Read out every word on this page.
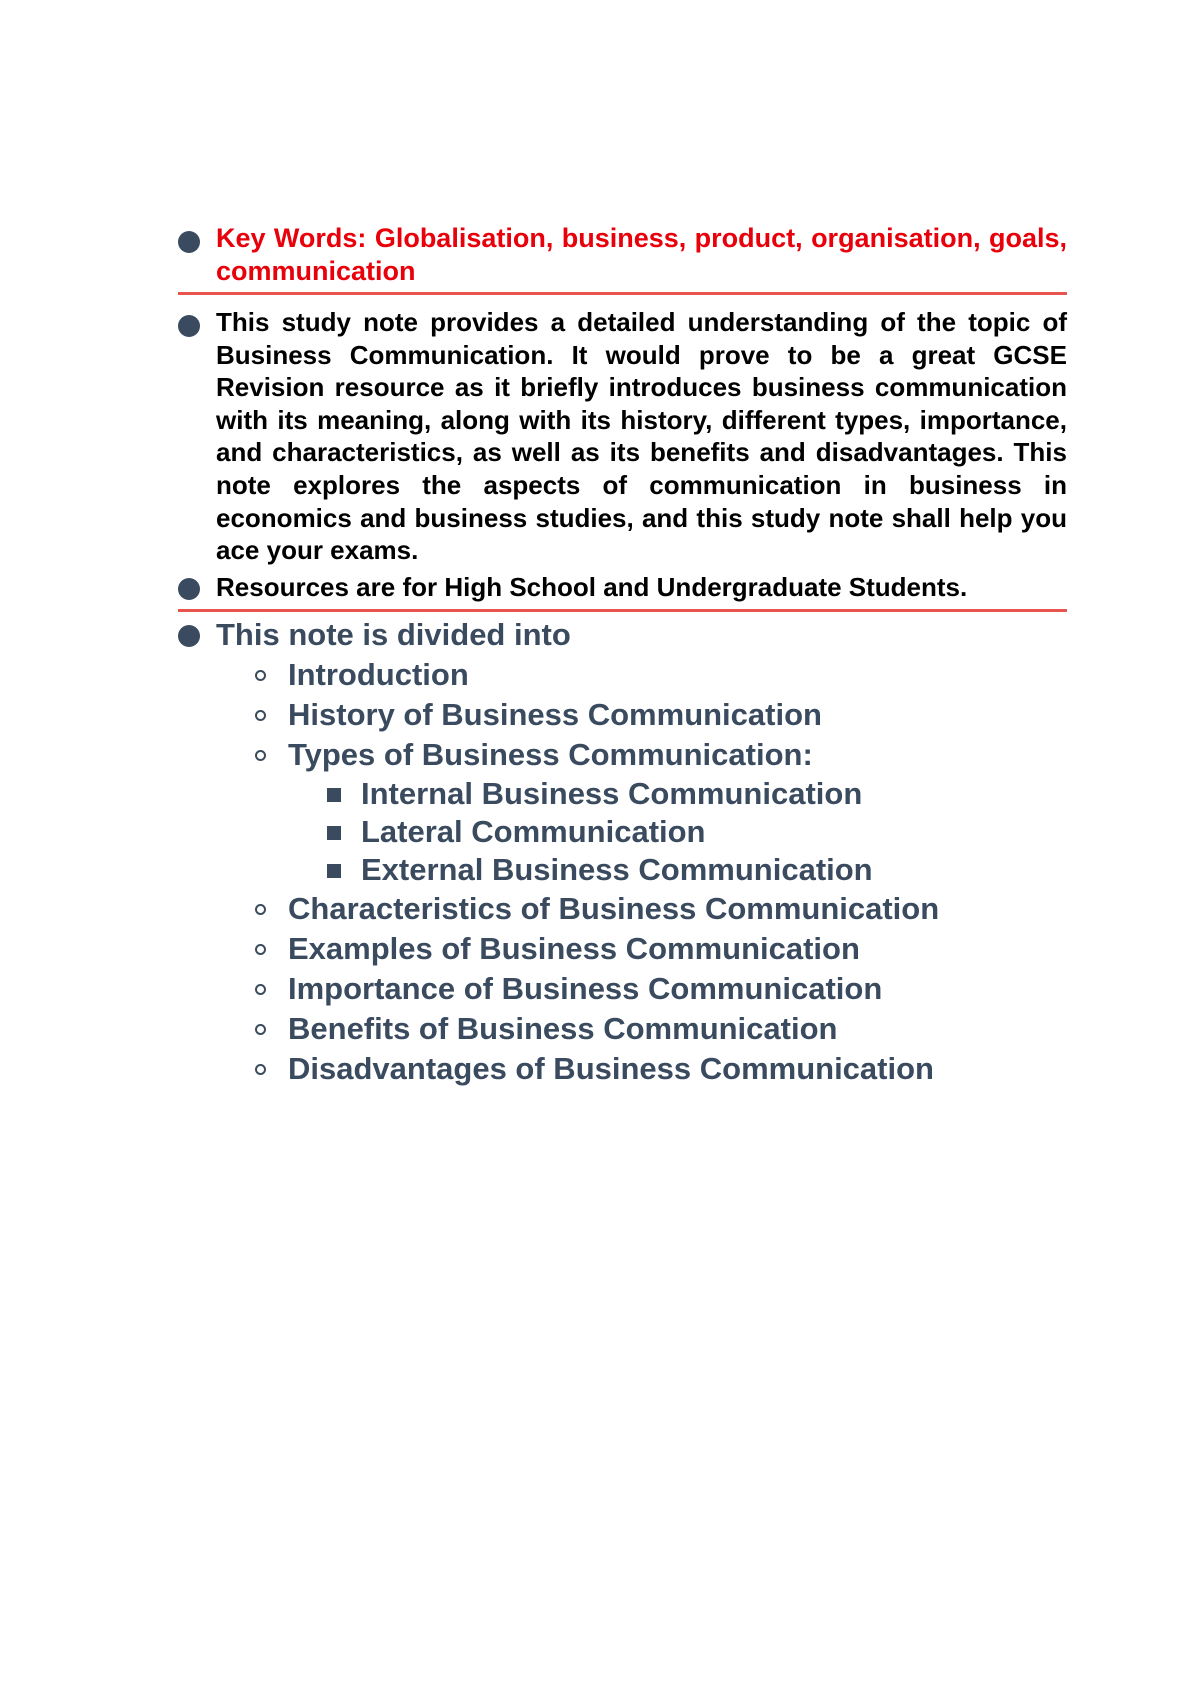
Key Words: Globalisation, business, product, organisation, goals, communication
This study note provides a detailed understanding of the topic of Business Communication. It would prove to be a great GCSE Revision resource as it briefly introduces business communication with its meaning, along with its history, different types, importance, and characteristics, as well as its benefits and disadvantages. This note explores the aspects of communication in business in economics and business studies, and this study note shall help you ace your exams.
Resources are for High School and Undergraduate Students.
This note is divided into
Introduction
History of Business Communication
Types of Business Communication:
Internal Business Communication
Lateral Communication
External Business Communication
Characteristics of Business Communication
Examples of Business Communication
Importance of Business Communication
Benefits of Business Communication
Disadvantages of Business Communication
